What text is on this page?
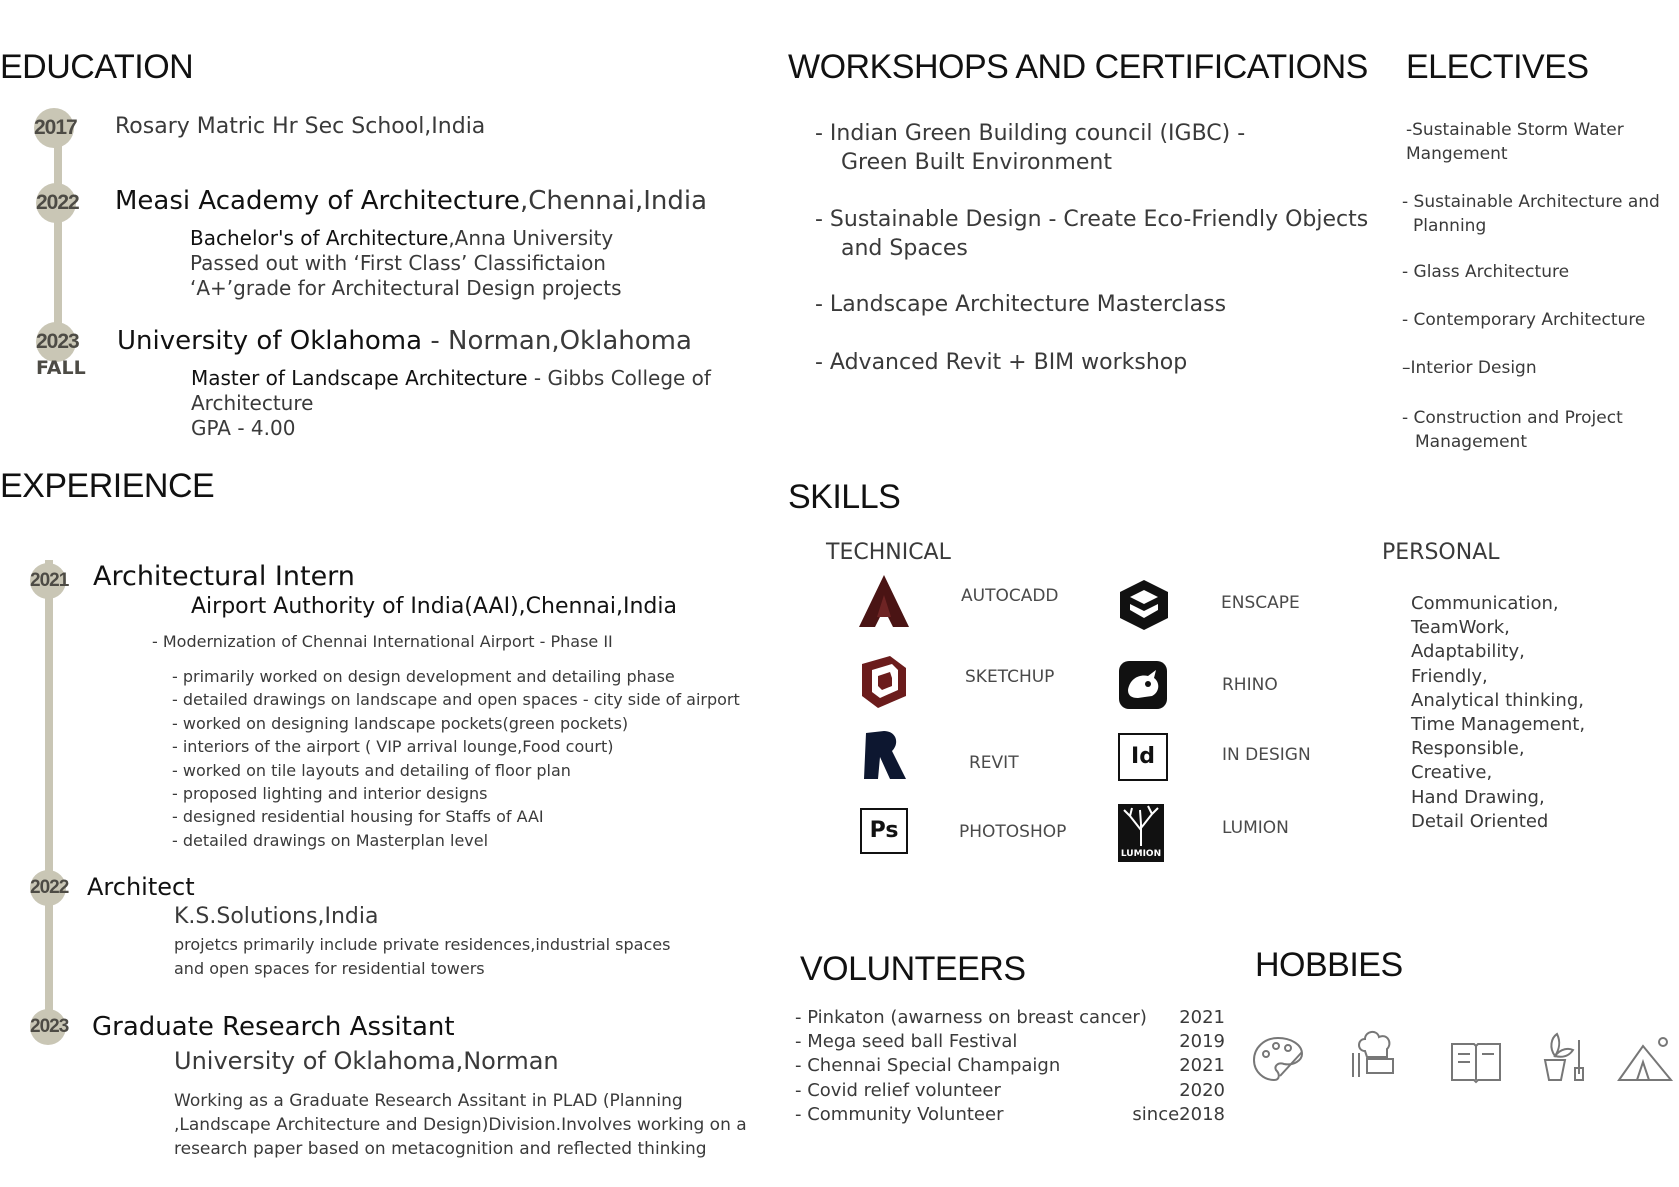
EDUCATION
2017 Rosary Matric Hr Sec School,India
2022 Measi Academy of Architecture,Chennai,India
Bachelor's of Architecture,Anna University
Passed out with ‘First Class’ Classifictaion
‘A+’grade for Architectural Design projects
2023
FALL
University of Oklahoma - Norman,Oklahoma
Master of Landscape Architecture - Gibbs College of
Architecture
GPA - 4.00
EXPERIENCE
2021 Architectural Intern
Airport Authority of India(AAI),Chennai,India
- Modernization of Chennai International Airport - Phase II
- primarily worked on design development and detailing phase
- detailed drawings on landscape and open spaces - city side of airport
- worked on designing landscape pockets(green pockets)
- interiors of the airport ( VIP arrival lounge,Food court)
- worked on tile layouts and detailing of floor plan
- proposed lighting and interior designs
- designed residential housing for Staffs of AAI
- detailed drawings on Masterplan level
2022 Architect
K.S.Solutions,India
projetcs primarily include private residences,industrial spaces
and open spaces for residential towers
2023 Graduate Research Assitant
University of Oklahoma,Norman
Working as a Graduate Research Assitant in PLAD (Planning
,Landscape Architecture and Design)Division.Involves working on a
research paper based on metacognition and reflected thinking
WORKSHOPS AND CERTIFICATIONS
- Indian Green Building council (IGBC) -
Green Built Environment
- Sustainable Design - Create Eco-Friendly Objects
and Spaces
- Landscape Architecture Masterclass
- Advanced Revit + BIM workshop
ELECTIVES
-Sustainable Storm Water
Mangement
- Sustainable Architecture and
Planning
- Glass Architecture
- Contemporary Architecture
–Interior Design
- Construction and Project
Management
SKILLS
TECHNICAL	PERSONAL
AUTOCADD
SKETCHUP
REVIT
Ps	PHOTOSHOP
ENSCAPE
RHINO
Id	IN DESIGN
LUMION
LUMION
Communication,
TeamWork,
Adaptability,
Friendly,
Analytical thinking,
Time Management,
Responsible,
Creative,
Hand Drawing,
Detail Oriented
VOLUNTEERS
- Pinkaton (awarness on breast cancer) 2021
- Mega seed ball Festival	2019
- Chennai Special Champaign	2021
- Covid relief volunteer	2020
- Community Volunteer	since2018
HOBBIES
